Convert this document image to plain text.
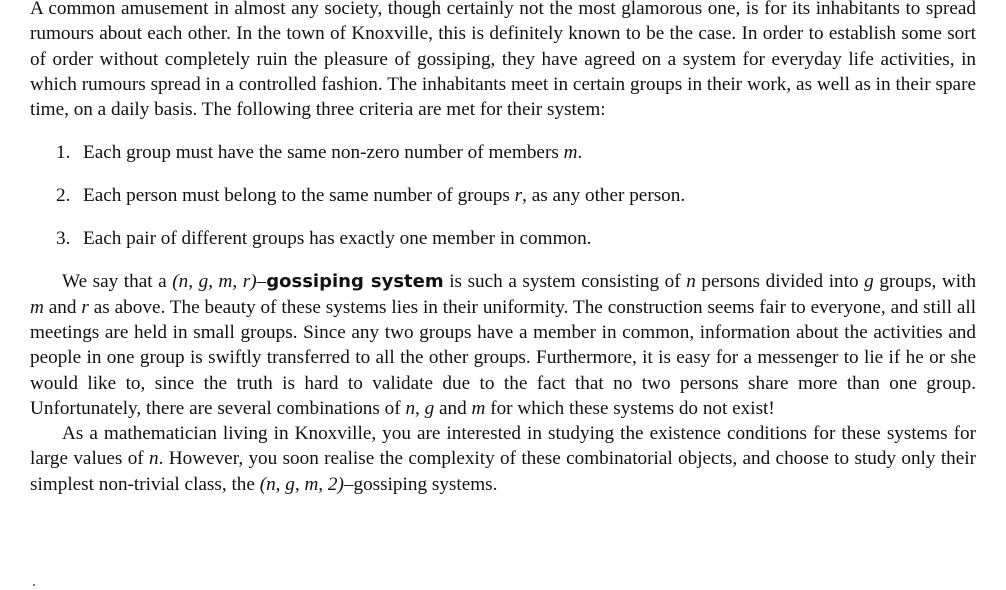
A common amusement in almost any society, though certainly not the most glamorous one, is for its inhabitants to spread rumours about each other. In the town of Knoxville, this is definitely known to be the case. In order to establish some sort of order without completely ruin the pleasure of gossiping, they have agreed on a system for everyday life activities, in which rumours spread in a controlled fashion. The inhabitants meet in certain groups in their work, as well as in their spare time, on a daily basis. The following three criteria are met for their system:

1. Each group must have the same non-zero number of members m.
2. Each person must belong to the same number of groups r, as any other person.
3. Each pair of different groups has exactly one member in common.

We say that a (n, g, m, r)–gossiping system is such a system consisting of n persons divided into g groups, with m and r as above. The beauty of these systems lies in their uniformity. The construction seems fair to everyone, and still all meetings are held in small groups. Since any two groups have a member in common, information about the activities and people in one group is swiftly transferred to all the other groups. Furthermore, it is easy for a messenger to lie if he or she would like to, since the truth is hard to validate due to the fact that no two persons share more than one group. Unfortunately, there are several combinations of n, g and m for which these systems do not exist!

As a mathematician living in Knoxville, you are interested in studying the existence conditions for these systems for large values of n. However, you soon realise the complexity of these combinatorial objects, and choose to study only their simplest non-trivial class, the (n, g, m, 2)–gossiping systems.
